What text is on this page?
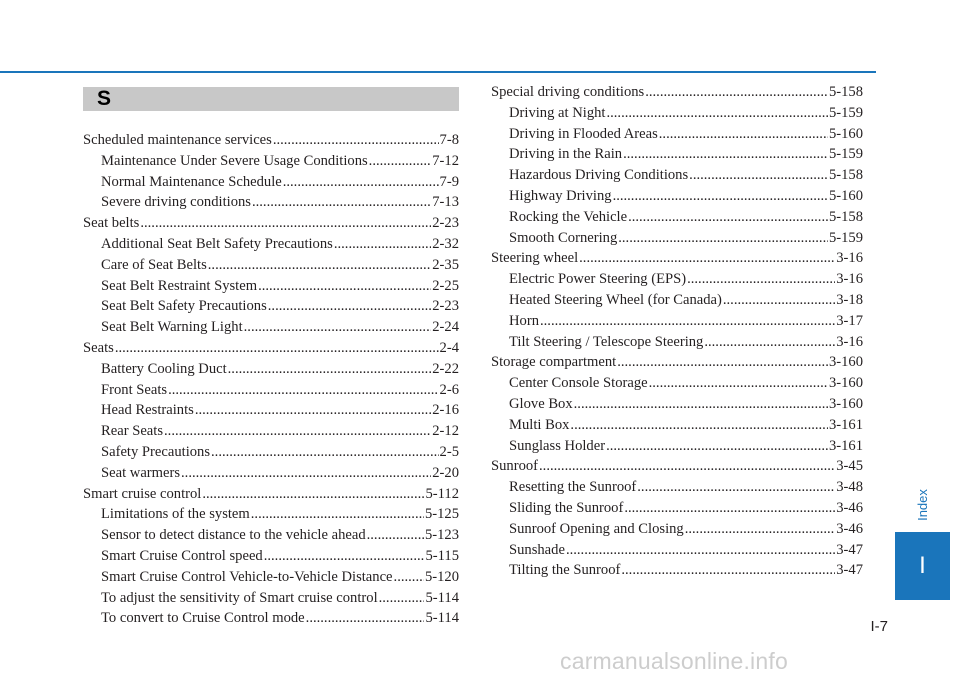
S
Scheduled maintenance services .....	7-8
Maintenance Under Severe Usage Conditions .....	7-12
Normal Maintenance Schedule .....	7-9
Severe driving conditions .....	7-13
Seat belts .....	2-23
Additional Seat Belt Safety Precautions .....	2-32
Care of Seat Belts .....	2-35
Seat Belt Restraint System .....	2-25
Seat Belt Safety Precautions .....	2-23
Seat Belt Warning Light .....	2-24
Seats .....	2-4
Battery Cooling Duct .....	2-22
Front Seats .....	2-6
Head Restraints .....	2-16
Rear Seats .....	2-12
Safety Precautions .....	2-5
Seat warmers .....	2-20
Smart cruise control .....	5-112
Limitations of the system .....	5-125
Sensor to detect distance to the vehicle ahead .....	5-123
Smart Cruise Control speed .....	5-115
Smart Cruise Control Vehicle-to-Vehicle Distance ..... 5-120
To adjust the sensitivity of Smart cruise control .....	5-114
To convert to Cruise Control mode .....	5-114
Special driving conditions .....	5-158
Driving at Night .....	5-159
Driving in Flooded Areas .....	5-160
Driving in the Rain .....	5-159
Hazardous Driving Conditions .....	5-158
Highway Driving .....	5-160
Rocking the Vehicle .....	5-158
Smooth Cornering .....	5-159
Steering wheel .....	3-16
Electric Power Steering (EPS) .....	3-16
Heated Steering Wheel (for Canada) .....	3-18
Horn .....	3-17
Tilt Steering / Telescope Steering .....	3-16
Storage compartment .....	3-160
Center Console Storage .....	3-160
Glove Box .....	3-160
Multi Box .....	3-161
Sunglass Holder .....	3-161
Sunroof .....	3-45
Resetting the Sunroof .....	3-48
Sliding the Sunroof .....	3-46
Sunroof Opening and Closing .....	3-46
Sunshade .....	3-47
Tilting the Sunroof .....	3-47
Index
I
I-7
carmanualsonline.info
